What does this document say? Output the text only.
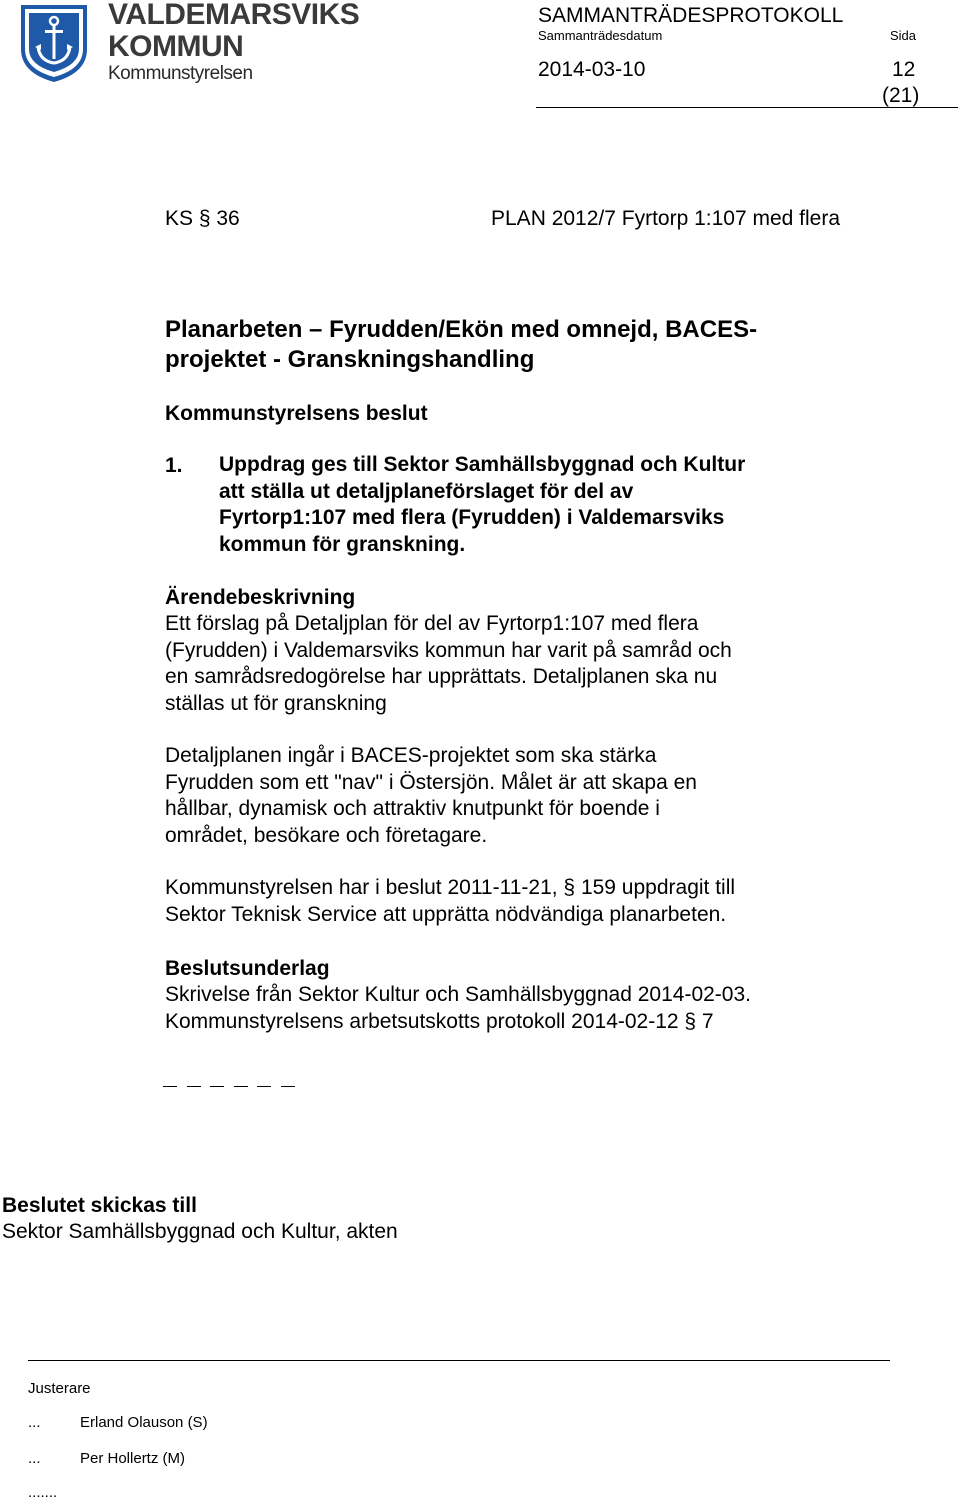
VALDEMARSVIKS
KOMMUN
Kommunstyrelsen
SAMMANTRÄDESPROTOKOLL
Sammanträdesdatum	Sida
2014-03-10	12
(21)
KS § 36	PLAN 2012/7 Fyrtorp 1:107 med flera
Planarbeten – Fyrudden/Ekön med omnejd, BACES-
projektet - Granskningshandling
Kommunstyrelsens beslut
1. Uppdrag ges till Sektor Samhällsbyggnad och Kultur
att ställa ut detaljplaneförslaget för del av
Fyrtorp1:107 med flera (Fyrudden) i Valdemarsviks
kommun för granskning.
Ärendebeskrivning
Ett förslag på Detaljplan för del av Fyrtorp1:107 med flera
(Fyrudden) i Valdemarsviks kommun har varit på samråd och
en samrådsredogörelse har upprättats. Detaljplanen ska nu
ställas ut för granskning
Detaljplanen ingår i BACES-projektet som ska stärka
Fyrudden som ett "nav" i Östersjön. Målet är att skapa en
hållbar, dynamisk och attraktiv knutpunkt för boende i
området, besökare och företagare.
Kommunstyrelsen har i beslut 2011-11-21, § 159 uppdragit till
Sektor Teknisk Service att upprätta nödvändiga planarbeten.
Beslutsunderlag
Skrivelse från Sektor Kultur och Samhällsbyggnad 2014-02-03.
Kommunstyrelsens arbetsutskotts protokoll 2014-02-12 § 7
Beslutet skickas till
Sektor Samhällsbyggnad och Kultur, akten
Justerare
...	Erland Olauson (S)
...	Per Hollertz (M)
.......
